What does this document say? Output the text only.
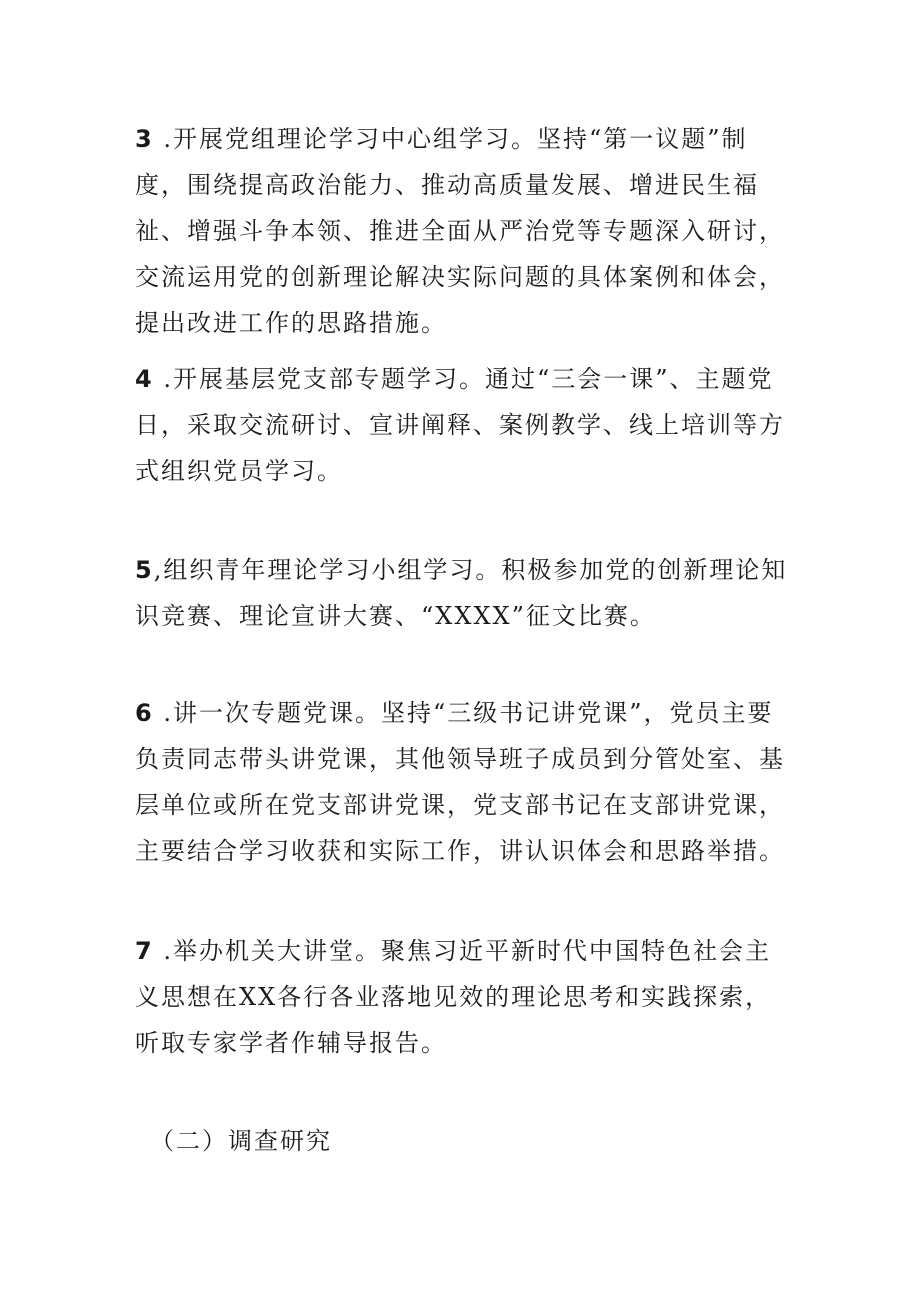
3 .开展党组理论学习中心组学习。坚持“第一议题”制度，围绕提高政治能力、推动高质量发展、增进民生福祉、增强斗争本领、推进全面从严治党等专题深入研讨，交流运用党的创新理论解决实际问题的具体案例和体会，提出改进工作的思路措施。

4 .开展基层党支部专题学习。通过“三会一课”、主题党日，采取交流研讨、宣讲阐释、案例教学、线上培训等方式组织党员学习。

5,组织青年理论学习小组学习。积极参加党的创新理论知识竞赛、理论宣讲大赛、“XXXX”征文比赛。

6 .讲一次专题党课。坚持“三级书记讲党课”，党员主要负责同志带头讲党课，其他领导班子成员到分管处室、基层单位或所在党支部讲党课，党支部书记在支部讲党课，主要结合学习收获和实际工作，讲认识体会和思路举措。

7 .举办机关大讲堂。聚焦习近平新时代中国特色社会主义思想在XX各行各业落地见效的理论思考和实践探索，听取专家学者作辅导报告。

（二）调查研究
